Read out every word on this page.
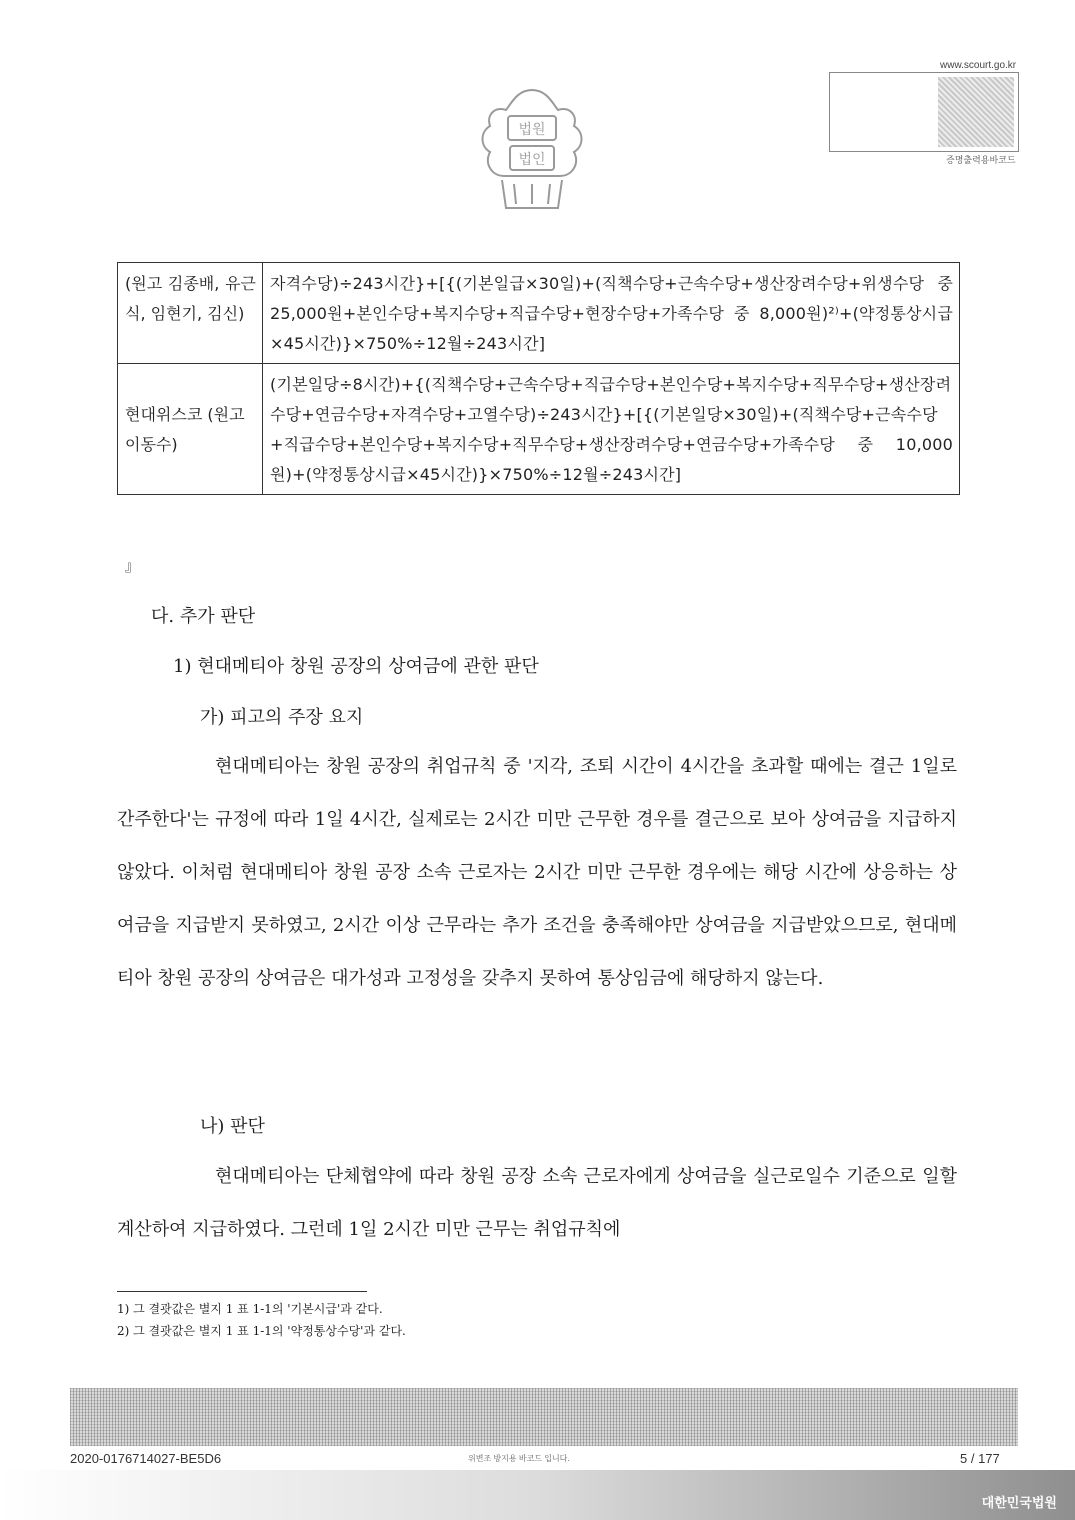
법원
법인
www.scourt.go.kr
증명출력용바코드
(원고 김종배, 유근식, 임현기, 김신)	자격수당)÷243시간}+[{(기본일급×30일)+(직책수당+근속수당+생산장려수당+위생수당 중 25,000원+본인수당+복지수당+직급수당+현장수당+가족수당 중 8,000원)²⁾+(약정통상시급×45시간)}×750%÷12월÷243시간]
현대위스코 (원고 이동수)	(기본일당÷8시간)+{(직책수당+근속수당+직급수당+본인수당+복지수당+직무수당+생산장려수당+연금수당+자격수당+고열수당)÷243시간}+[{(기본일당×30일)+(직책수당+근속수당+직급수당+본인수당+복지수당+직무수당+생산장려수당+연금수당+가족수당 중 10,000원)+(약정통상시급×45시간)}×750%÷12월÷243시간]
』
다. 추가 판단
1) 현대메티아 창원 공장의 상여금에 관한 판단
가) 피고의 주장 요지

현대메티아는 창원 공장의 취업규칙 중 '지각, 조퇴 시간이 4시간을 초과할 때에는 결근 1일로 간주한다'는 규정에 따라 1일 4시간, 실제로는 2시간 미만 근무한 경우를 결근으로 보아 상여금을 지급하지 않았다. 이처럼 현대메티아 창원 공장 소속 근로자는 2시간 미만 근무한 경우에는 해당 시간에 상응하는 상여금을 지급받지 못하였고, 2시간 이상 근무라는 추가 조건을 충족해야만 상여금을 지급받았으므로, 현대메티아 창원 공장의 상여금은 대가성과 고정성을 갖추지 못하여 통상임금에 해당하지 않는다.

나) 판단

현대메티아는 단체협약에 따라 창원 공장 소속 근로자에게 상여금을 실근로일수 기준으로 일할계산하여 지급하였다. 그런데 1일 2시간 미만 근무는 취업규칙에

1) 그 결괏값은 별지 1 표 1-1의 '기본시급'과 같다.
2) 그 결괏값은 별지 1 표 1-1의 '약정통상수당'과 같다.
2020-0176714027-BE5D6	위변조 방지용 바코드 입니다.	5 / 177
대한민국법원
